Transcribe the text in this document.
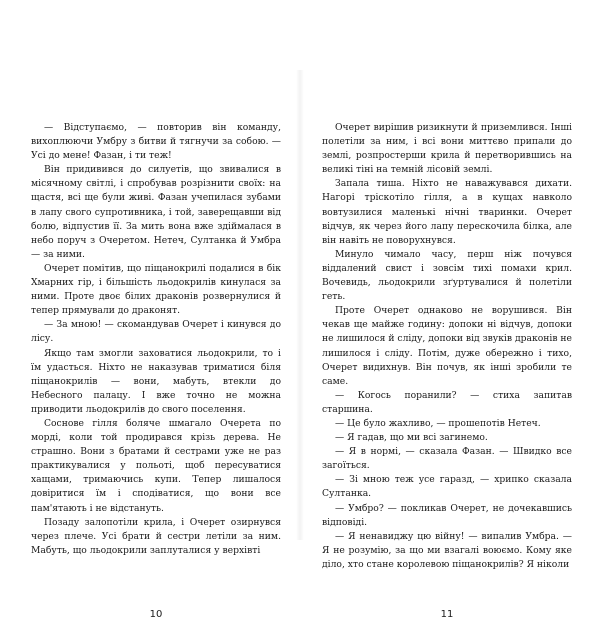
— Відступаємо, — повторив він команду, вихоплюючи Умбру з битви й тягнучи за собою. — Усі до мене! Фазан, і ти теж!

Він придивився до силуетів, що звивалися в місячному світлі, і спробував розрізнити своїх: на щастя, всі ще були живі. Фазан учепилася зубами в лапу свого супротивника, і той, заверещавши від болю, відпустив її. За мить вона вже здіймалася в небо поруч з Очеретом. Нетеч, Султанка й Умбра — за ними.

Очерет помітив, що піщанокрилі подалися в бік Хмарних гір, і більшість льодокрилів кинулася за ними. Проте двоє білих драконів розвернулися й тепер прямували до драконят.

— За мною! — скомандував Очерет і кинувся до лісу.

Якщо там змогли заховатися льодокрили, то і їм удасться. Ніхто не наказував триматися біля піщанокрилів — вони, мабуть, втекли до Небесного палацу. І вже точно не можна приводити льодокрилів до свого поселення.

Соснове гілля боляче шмагало Очерета по морді, коли той продирався крізь дерева. Не страшно. Вони з братами й сестрами уже не раз практикувалися у польоті, щоб пересуватися хащами, тримаючись купи. Тепер лишалося довіритися їм і сподіватися, що вони все пам'ятають і не відстануть.

Позаду залопотіли крила, і Очерет озирнувся через плече. Усі брати й сестри летіли за ним. Мабуть, що льодокрили заплуталися у верхівті

10

Очерет вирішив ризикнути й приземлився. Інші полетіли за ним, і всі вони миттєво припали до землі, розпростерши крила й перетворившись на великі тіні на темній лісовій землі.

Запала тиша. Ніхто не наважувався дихати. Нагорі тріскотіло гілля, а в кущах навколо вовтузилися маленькі нічні тваринки. Очерет відчув, як через його лапу перескочила білка, але він навіть не поворухнувся.

Минуло чимало часу, перш ніж почувся віддалений свист і зовсім тихі помахи крил. Вочевидь, льодокрили зґуртувалися й полетіли геть.

Проте Очерет однаково не ворушився. Він чекав ще майже годину: допоки ні відчув, допоки не лишилося й сліду, допоки від звуків драконів не лишилося і сліду. Потім, дуже обережно і тихо, Очерет видихнув. Він почув, як інші зробили те саме.

— Когось поранили? — стиха запитав старшина.

— Це було жахливо, — прошепотів Нетеч.

— Я гадав, що ми всі загинемо.

— Я в нормі, — сказала Фазан. — Швидко все загоїться.

— Зі мною теж усе гаразд, — хрипко сказала Султанка.

— Умбро? — покликав Очерет, не дочекавшись відповіді.

— Я ненавиджу цю війну! — випалив Умбра. — Я не розумію, за що ми взагалі воюємо. Кому яке діло, хто стане королевою піщанокрилів? Я ніколи

11
